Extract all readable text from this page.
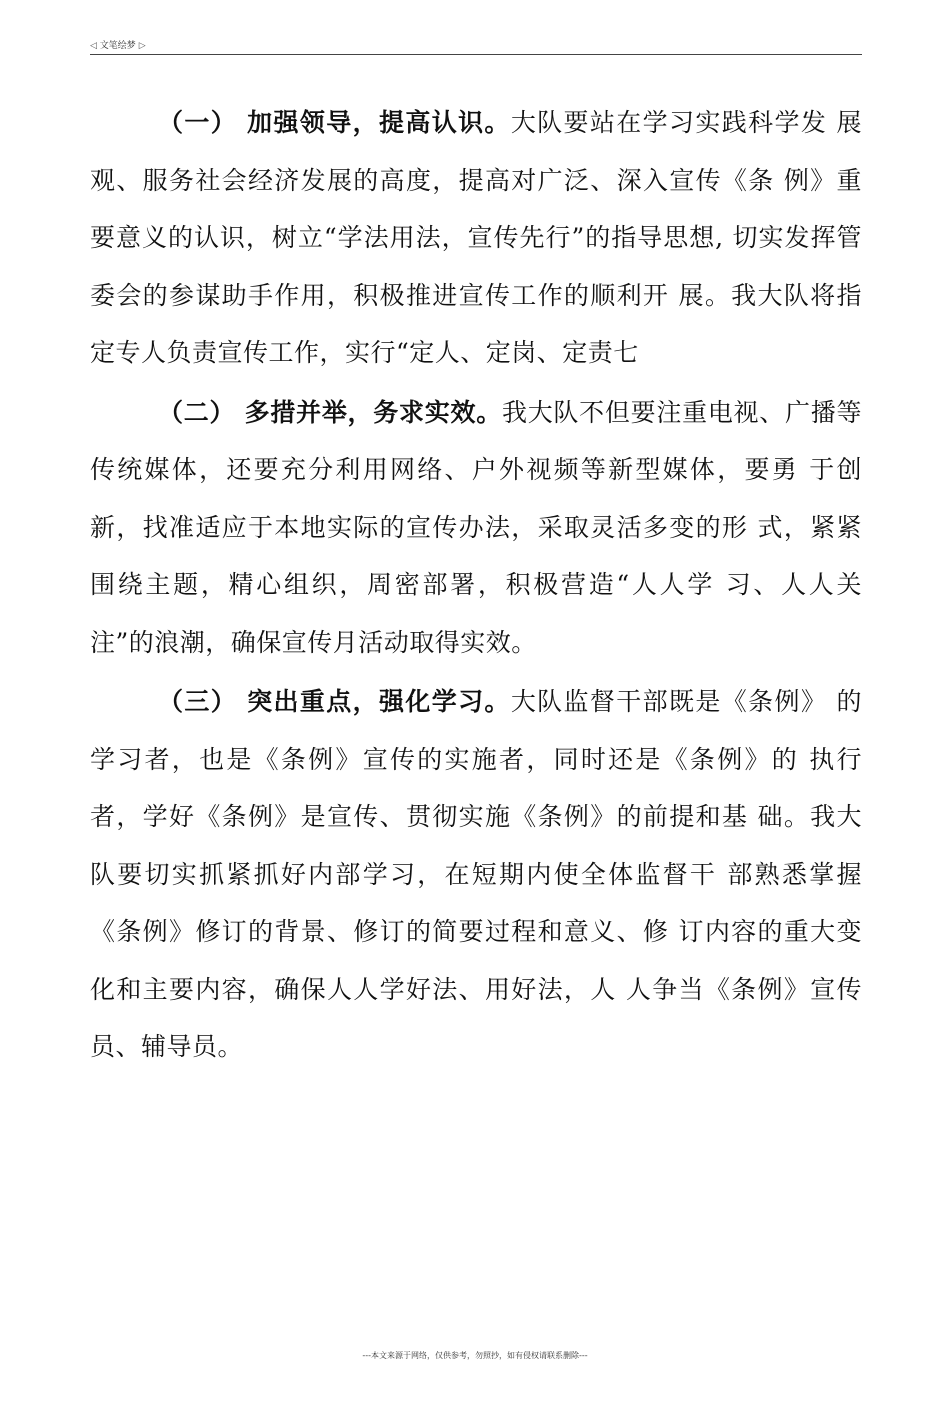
◁ 文笔绘梦 ▷

（一） 加强领导，提高认识。大队要站在学习实践科学发 展观、服务社会经济发展的高度，提高对广泛、深入宣传《条 例》重要意义的认识，树立“学法用法，宣传先行”的指导思想, 切实发挥管委会的参谋助手作用，积极推进宣传工作的顺利开 展。我大队将指定专人负责宣传工作，实行“定人、定岗、定责七

（二） 多措并举，务求实效。我大队不但要注重电视、广播等传统媒体，还要充分利用网络、户外视频等新型媒体，要勇 于创新，找准适应于本地实际的宣传办法，采取灵活多变的形 式，紧紧围绕主题，精心组织，周密部署，积极营造“人人学 习、人人关注”的浪潮，确保宣传月活动取得实效。

（三） 突出重点，强化学习。大队监督干部既是《条例》 的学习者，也是《条例》宣传的实施者，同时还是《条例》的 执行者，学好《条例》是宣传、贯彻实施《条例》的前提和基 础。我大队要切实抓紧抓好内部学习，在短期内使全体监督干 部熟悉掌握《条例》修订的背景、修订的简要过程和意义、修 订内容的重大变化和主要内容，确保人人学好法、用好法，人 人争当《条例》宣传员、辅导员。

---本文来源于网络，仅供参考，勿照抄，如有侵权请联系删除---
